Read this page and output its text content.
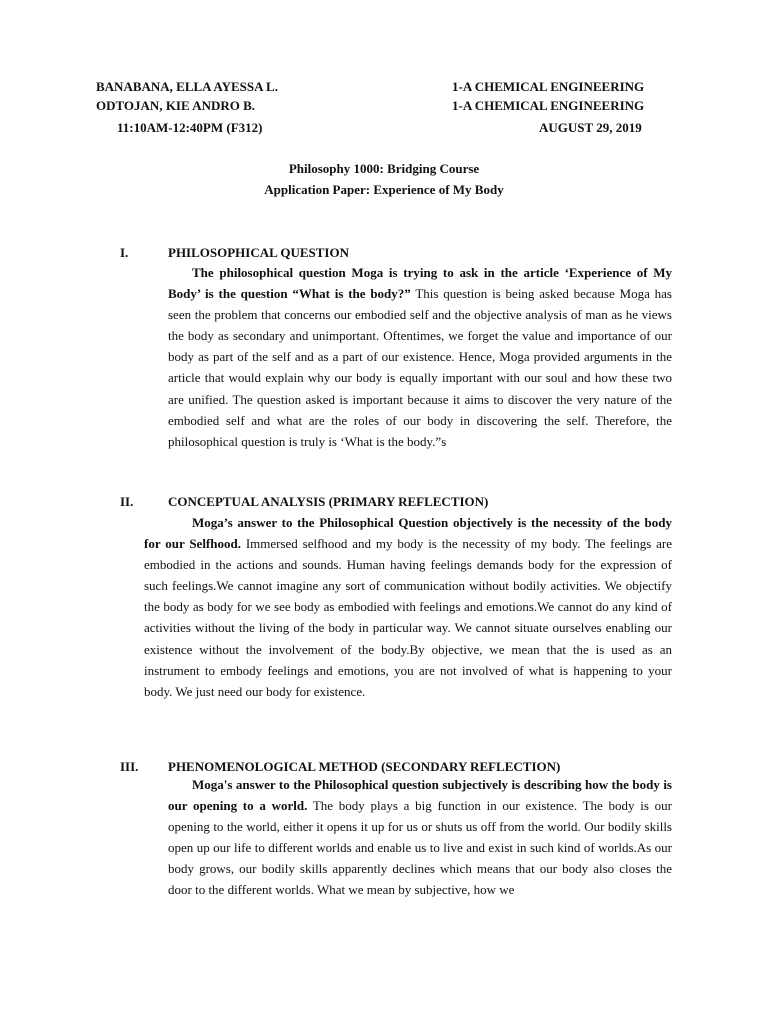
BANABANA, ELLA AYESSA L.
ODTOJAN, KIE ANDRO B.
11:10AM-12:40PM (F312)
1-A CHEMICAL ENGINEERING
1-A CHEMICAL ENGINEERING
AUGUST 29, 2019
Philosophy 1000: Bridging Course
Application Paper: Experience of My Body
I.	PHILOSOPHICAL QUESTION
The philosophical question Moga is trying to ask in the article ‘Experience of My Body’ is the question “What is the body?” This question is being asked because Moga has seen the problem that concerns our embodied self and the objective analysis of man as he views the body as secondary and unimportant. Oftentimes, we forget the value and importance of our body as part of the self and as a part of our existence. Hence, Moga provided arguments in the article that would explain why our body is equally important with our soul and how these two are unified. The question asked is important because it aims to discover the very nature of the embodied self and what are the roles of our body in discovering the self. Therefore, the philosophical question is truly is ‘What is the body.”s
II.	CONCEPTUAL ANALYSIS (PRIMARY REFLECTION)
Moga’s answer to the Philosophical Question objectively is the necessity of the body for our Selfhood. Immersed selfhood and my body is the necessity of my body. The feelings are embodied in the actions and sounds. Human having feelings demands body for the expression of such feelings.We cannot imagine any sort of communication without bodily activities. We objectify the body as body for we see body as embodied with feelings and emotions.We cannot do any kind of activities without the living of the body in particular way. We cannot situate ourselves enabling our existence without the involvement of the body.By objective, we mean that the is used as an instrument to embody feelings and emotions, you are not involved of what is happening to your body. We just need our body for existence.
III. PHENOMENOLOGICAL METHOD (SECONDARY REFLECTION)
Moga's answer to the Philosophical question subjectively is describing how the body is our opening to a world. The body plays a big function in our existence. The body is our opening to the world, either it opens it up for us or shuts us off from the world. Our bodily skills open up our life to different worlds and enable us to live and exist in such kind of worlds.As our body grows, our bodily skills apparently declines which means that our body also closes the door to the different worlds. What we mean by subjective, how we
